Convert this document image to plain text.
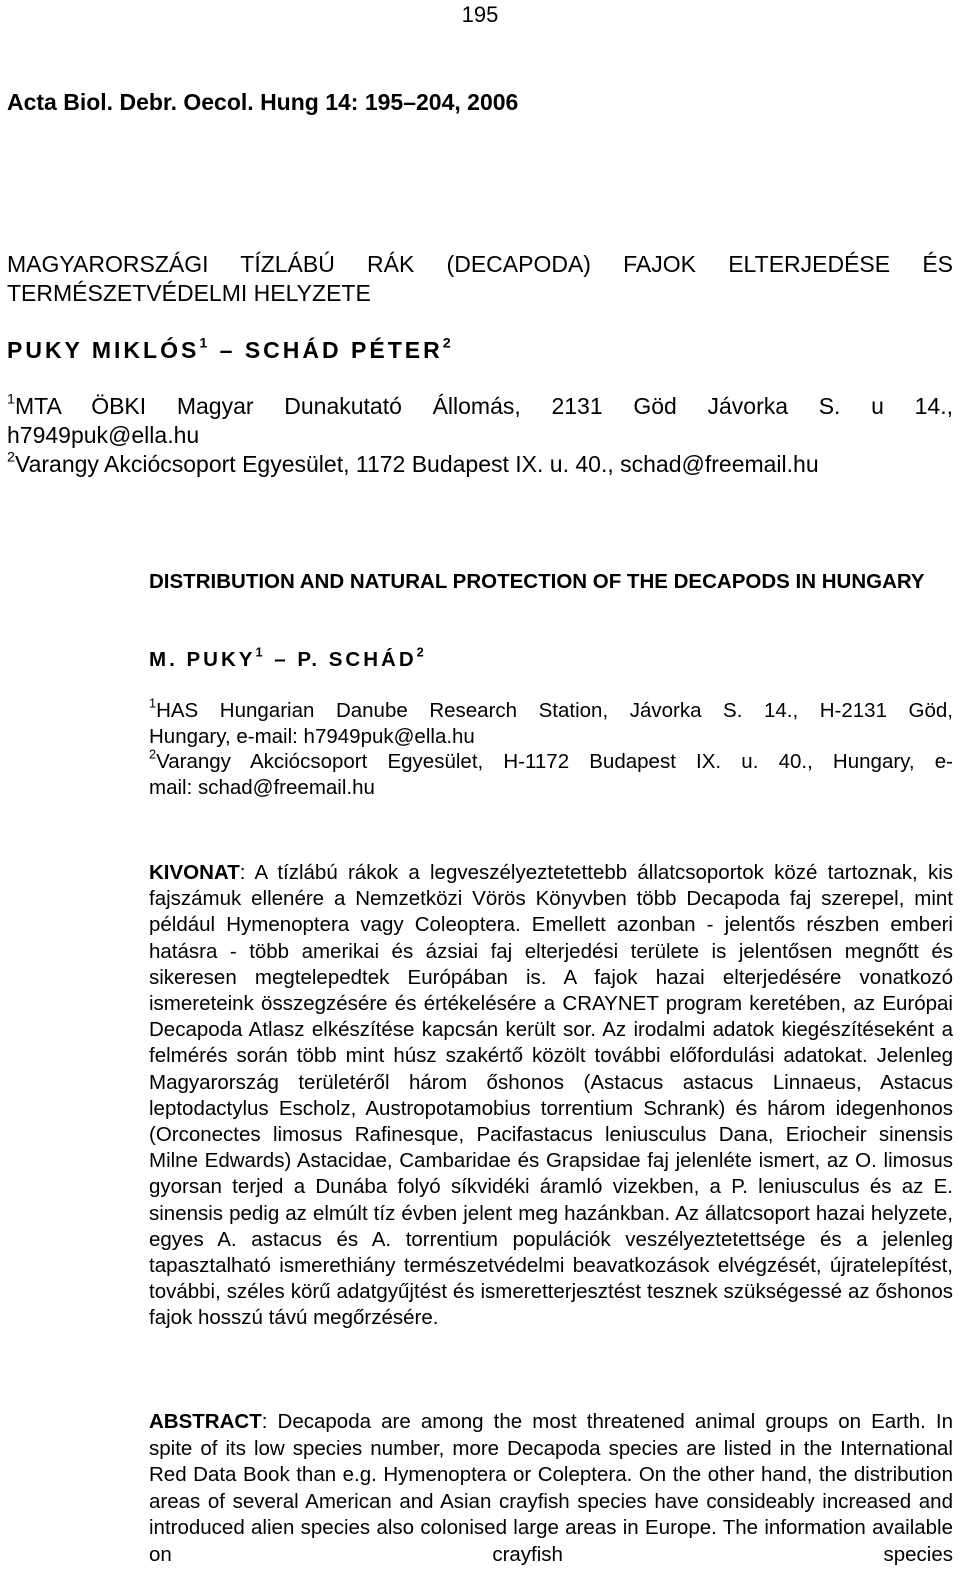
195
Acta Biol. Debr. Oecol. Hung 14: 195–204, 2006
MAGYARORSZÁGI TÍZLÁBÚ RÁK (DECAPODA) FAJOK ELTERJEDÉSE ÉS TERMÉSZETVÉDELMI HELYZETE
PUKY MIKLÓS$^1$ – SCHÁD PÉTER$^2$
$^1$MTA ÖBKI Magyar Dunakutató Állomás, 2131 Göd Jávorka S. u 14.,
h7949puk@ella.hu
$^2$Varangy Akciócsoport Egyesület, 1172 Budapest IX. u. 40., schad@freemail.hu
DISTRIBUTION AND NATURAL PROTECTION OF THE DECAPODS IN HUNGARY
M. PUKY$^1$ – P. SCHÁD$^2$
$^1$HAS Hungarian Danube Research Station, Jávorka S. 14., H-2131 Göd,
Hungary, e-mail: h7949puk@ella.hu
$^2$Varangy Akciócsoport Egyesület, H-1172 Budapest IX. u. 40., Hungary, e-
mail: schad@freemail.hu
KIVONAT: A tízlábú rákok a legveszélyeztetettebb állatcsoportok közé tartoznak, kis fajszámuk ellenére a Nemzetközi Vörös Könyvben több Decapoda faj szerepel, mint például Hymenoptera vagy Coleoptera. Emellett azonban - jelentős részben emberi hatásra - több amerikai és ázsiai faj elterjedési területe is jelentősen megnőtt és sikeresen megtelepedtek Európában is. A fajok hazai elterjedésére vonatkozó ismereteink összegzésére és értékelésére a CRAYNET program keretében, az Európai Decapoda Atlasz elkészítése kapcsán került sor. Az irodalmi adatok kiegészítéseként a felmérés során több mint húsz szakértő közölt további előfordulási adatokat. Jelenleg Magyarország területéről három őshonos (Astacus astacus Linnaeus, Astacus leptodactylus Escholz, Austropotamobius torrentium Schrank) és három idegenhonos (Orconectes limosus Rafinesque, Pacifastacus leniusculus Dana, Eriocheir sinensis Milne Edwards) Astacidae, Cambaridae és Grapsidae faj jelenléte ismert, az O. limosus gyorsan terjed a Dunába folyó síkvidéki áramló vizekben, a P. leniusculus és az E. sinensis pedig az elmúlt tíz évben jelent meg hazánkban. Az állatcsoport hazai helyzete, egyes A. astacus és A. torrentium populációk veszélyeztetettsége és a jelenleg tapasztalható ismerethiány természetvédelmi beavatkozások elvégzését, újratelepítést, további, széles körű adatgyűjtést és ismeretterjesztést tesznek szükségessé az őshonos fajok hosszú távú megőrzésére.
ABSTRACT: Decapoda are among the most threatened animal groups on Earth. In spite of its low species number, more Decapoda species are listed in the International Red Data Book than e.g. Hymenoptera or Coleptera. On the other hand, the distribution areas of several American and Asian crayfish species have consideably increased and introduced alien species also colonised large areas in Europe. The information available on crayfish species
